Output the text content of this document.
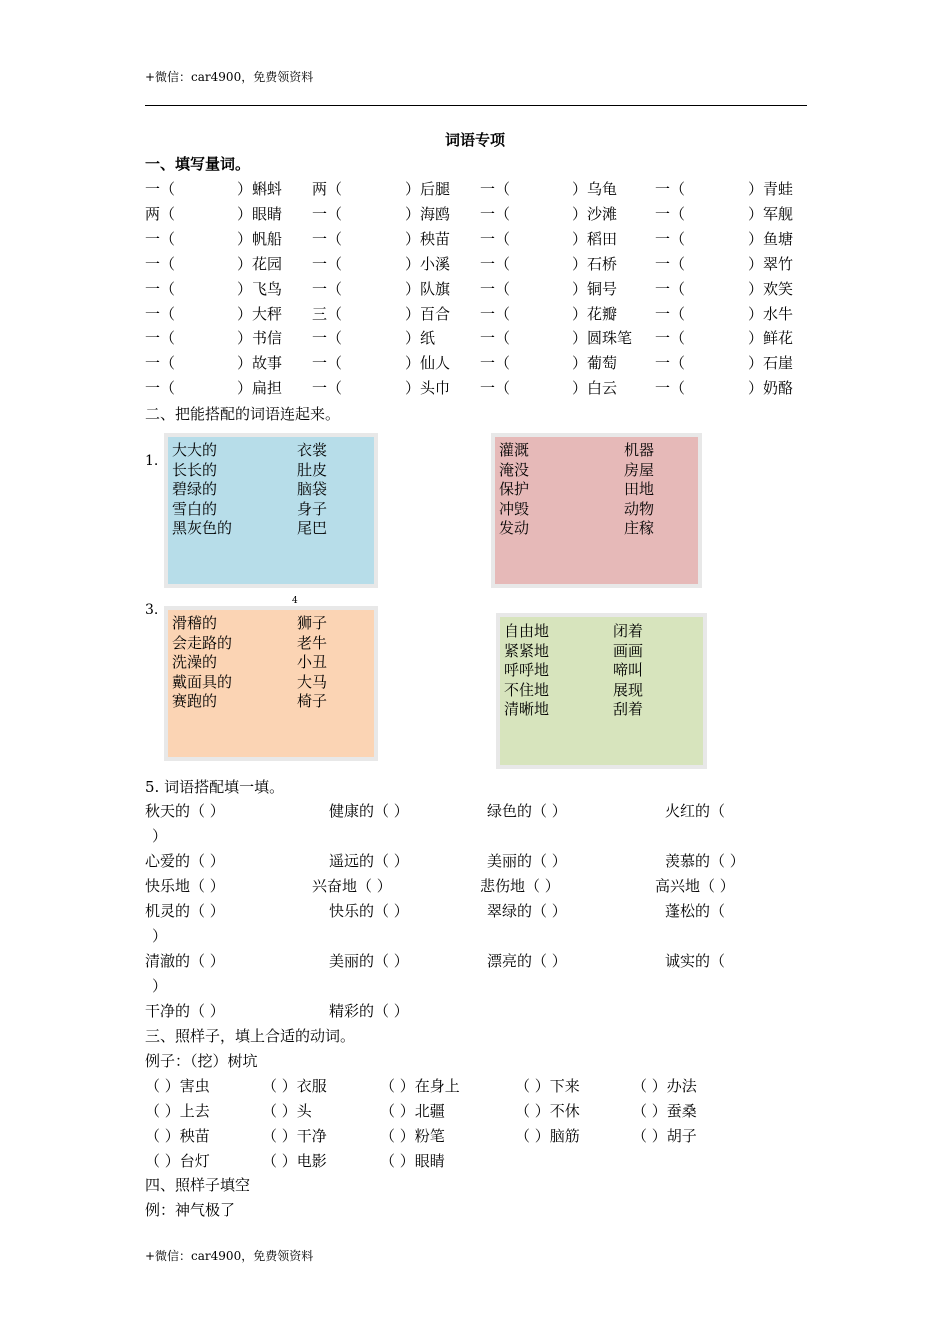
+微信：car4900，免费领资料
词语专项
一、填写量词。
一（	）蝌蚪 两（	）后腿 一（	）乌龟	一（	）青蛙
两（	）眼睛 一（	）海鸥 一（	）沙滩	一（	）军舰
一（	）帆船 一（	）秧苗 一（	）稻田	一（	）鱼塘
一（	）花园 一（	）小溪 一（	）石桥	一（	）翠竹
一（	）飞鸟 一（	）队旗 一（	）铜号	一（	）欢笑
一（	）大秤 三（	）百合 一（	）花瓣	一（	）水牛
一（	）书信 一（	）纸	一（	）圆珠笔 一（	）鲜花
一（	）故事 一（	）仙人 一（	）葡萄	一（	）石崖
一（	）扁担 一（	）头巾 一（	）白云	一（	）奶酪
二、把能搭配的词语连起来。
1.
3.
4
大大的
长长的
碧绿的
雪白的
黑灰色的
衣裳
肚皮
脑袋
身子
尾巴
灌溉
淹没
保护
冲毁
发动
机器
房屋
田地
动物
庄稼
滑稽的
会走路的
洗澡的
戴面具的
赛跑的
狮子
老牛
小丑
大马
椅子
自由地
紧紧地
呼呼地
不住地
清晰地
闭着
画画
啼叫
展现
刮着
5. 词语搭配填一填。
秋天的（ ）	健康的（ ）	绿色的（ ）	火红的（
）
心爱的（ ）	遥远的（ ）	美丽的（ ）	羡慕的（ ）
快乐地（ ）	兴奋地（ ）	悲伤地（ ）	高兴地（ ）
机灵的（ ）	快乐的（ ）	翠绿的（ ）	蓬松的（
）
清澈的（ ）	美丽的（ ）	漂亮的（ ）	诚实的（
）
干净的（ ）	精彩的（ ）
三、照样子，填上合适的动词。
例子：（挖）树坑
（ ）害虫	（ ）衣服	（ ）在身上	（ ）下来	（ ）办法
（ ）上去	（ ）头	（ ）北疆	（ ）不休	（ ）蚕桑
（ ）秧苗	（ ）干净	（ ）粉笔	（ ）脑筋	（ ）胡子
（ ）台灯	（ ）电影	（ ）眼睛
四、照样子填空
例：神气极了
+微信：car4900，免费领资料
